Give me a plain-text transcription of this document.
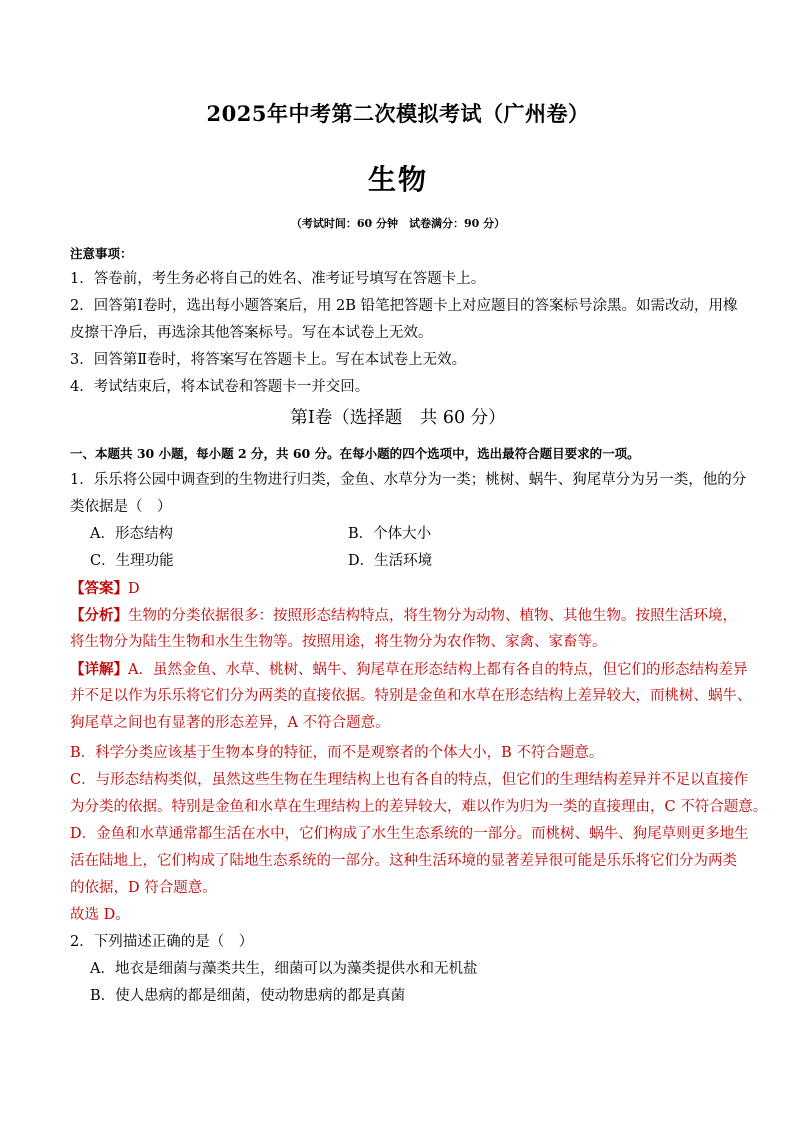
2025年中考第二次模拟考试（广州卷）
生物
（考试时间：60 分钟　试卷满分：90 分）
注意事项：
1．答卷前，考生务必将自己的姓名、准考证号填写在答题卡上。
2．回答第Ⅰ卷时，选出每小题答案后，用 2B 铅笔把答题卡上对应题目的答案标号涂黑。如需改动，用橡
皮擦干净后，再选涂其他答案标号。写在本试卷上无效。
3．回答第Ⅱ卷时，将答案写在答题卡上。写在本试卷上无效。
4．考试结束后，将本试卷和答题卡一并交回。
第Ⅰ卷（选择题　共 60 分）
一、本题共 30 小题，每小题 2 分，共 60 分。在每小题的四个选项中，选出最符合题目要求的一项。
1．乐乐将公园中调查到的生物进行归类，金鱼、水草分为一类；桃树、蜗牛、狗尾草分为另一类，他的分
类依据是（　）
A．形态结构	B．个体大小
C．生理功能	D．生活环境
【答案】D
【分析】生物的分类依据很多：按照形态结构特点，将生物分为动物、植物、其他生物。按照生活环境，
将生物分为陆生生物和水生生物等。按照用途，将生物分为农作物、家禽、家畜等。
【详解】A．虽然金鱼、水草、桃树、蜗牛、狗尾草在形态结构上都有各自的特点，但它们的形态结构差异
并不足以作为乐乐将它们分为两类的直接依据。特别是金鱼和水草在形态结构上差异较大，而桃树、蜗牛、
狗尾草之间也有显著的形态差异，A 不符合题意。
B．科学分类应该基于生物本身的特征，而不是观察者的个体大小，B 不符合题意。
C．与形态结构类似，虽然这些生物在生理结构上也有各自的特点，但它们的生理结构差异并不足以直接作
为分类的依据。特别是金鱼和水草在生理结构上的差异较大，难以作为归为一类的直接理由，C 不符合题意。
D．金鱼和水草通常都生活在水中，它们构成了水生生态系统的一部分。而桃树、蜗牛、狗尾草则更多地生
活在陆地上，它们构成了陆地生态系统的一部分。这种生活环境的显著差异很可能是乐乐将它们分为两类
的依据，D 符合题意。
故选 D。
2．下列描述正确的是（　）
A．地衣是细菌与藻类共生，细菌可以为藻类提供水和无机盐
B．使人患病的都是细菌，使动物患病的都是真菌
